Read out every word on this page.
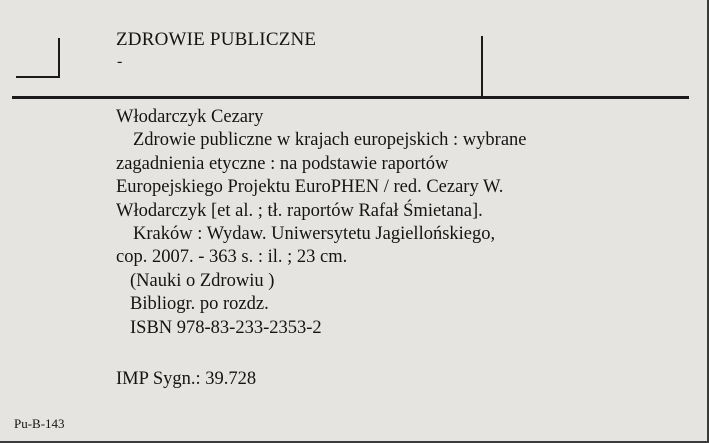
ZDROWIE PUBLICZNE
-
Włodarczyk Cezary
Zdrowie publiczne w krajach europejskich : wybrane
zagadnienia etyczne : na podstawie raportów
Europejskiego Projektu EuroPHEN / red. Cezary W.
Włodarczyk [et al. ; tł. raportów Rafał Śmietana].
Kraków : Wydaw. Uniwersytetu Jagiellońskiego,
cop. 2007. - 363 s. : il. ; 23 cm.
(Nauki o Zdrowiu )
Bibliogr. po rozdz.
ISBN 978-83-233-2353-2
IMP Sygn.: 39.728
Pu-B-143
